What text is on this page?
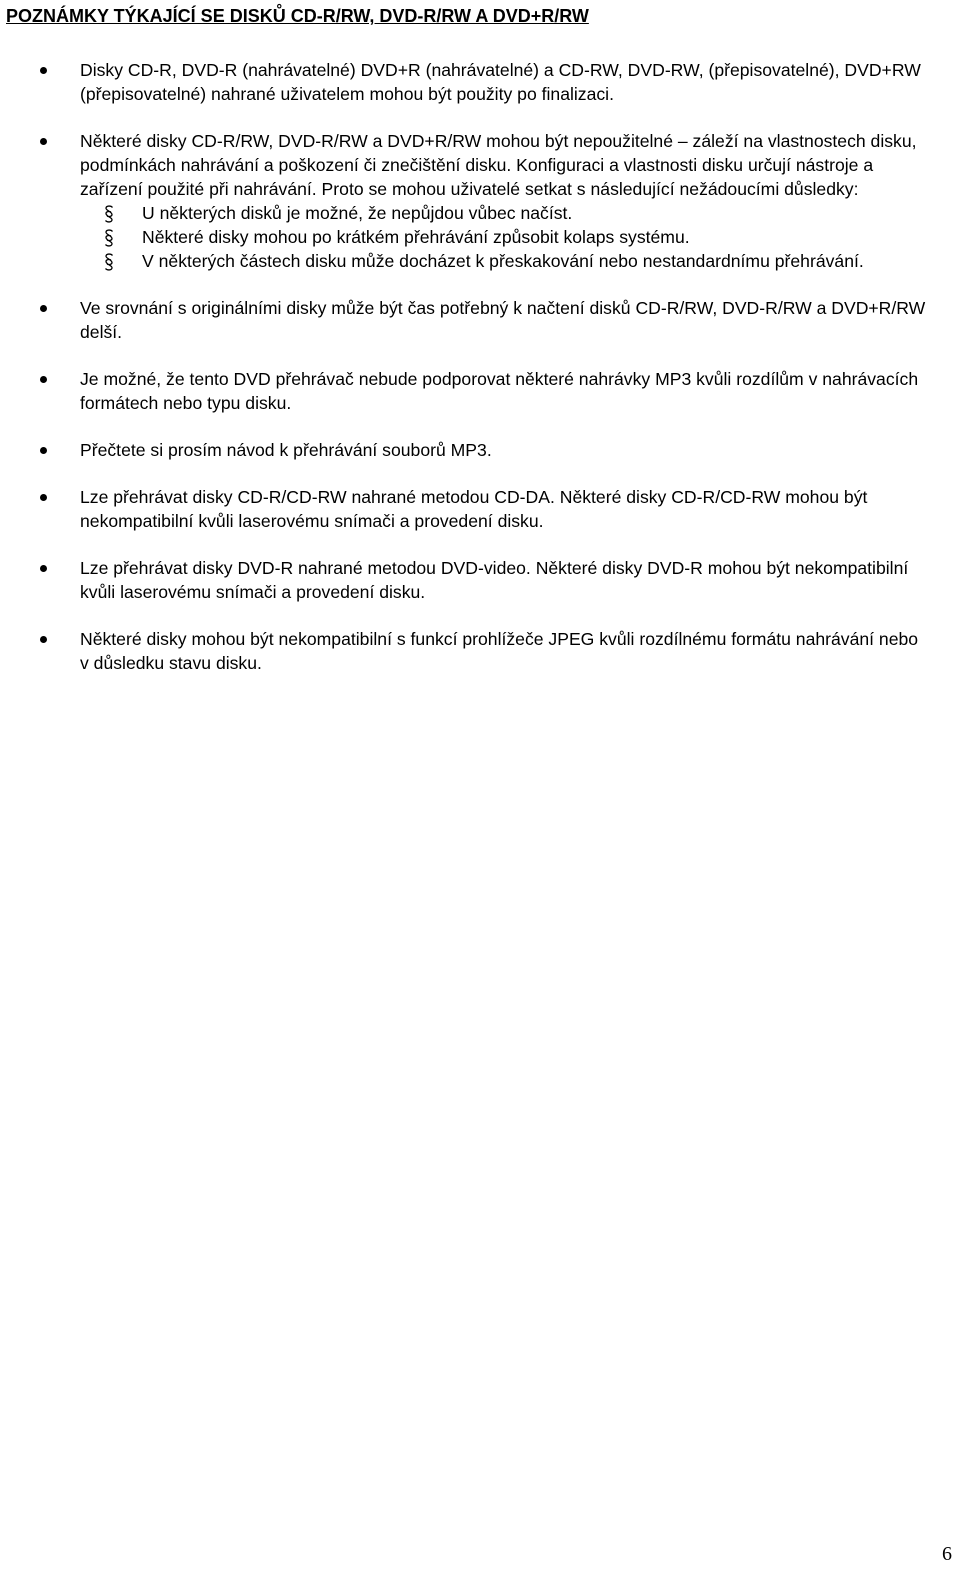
POZNÁMKY TÝKAJÍCÍ SE DISKŮ CD-R/RW, DVD-R/RW A DVD+R/RW
Disky CD-R, DVD-R (nahrávatelné) DVD+R (nahrávatelné) a CD-RW, DVD-RW, (přepisovatelné), DVD+RW (přepisovatelné) nahrané uživatelem mohou být použity po finalizaci.
Některé disky CD-R/RW, DVD-R/RW a DVD+R/RW mohou být nepoužitelné – záleží na vlastnostech disku, podmínkách nahrávání a poškození či znečištění disku. Konfiguraci a vlastnosti disku určují nástroje a zařízení použité při nahrávání. Proto se mohou uživatelé setkat s následující nežádoucími důsledky:
U některých disků je možné, že nepůjdou vůbec načíst.
Některé disky mohou po krátkém přehrávání způsobit kolaps systému.
V některých částech disku může docházet k přeskakování nebo nestandardnímu přehrávání.
Ve srovnání s originálními disky může být čas potřebný k načtení disků CD-R/RW, DVD-R/RW a DVD+R/RW delší.
Je možné, že tento DVD přehrávač nebude podporovat některé nahrávky MP3 kvůli rozdílům v nahrávacích formátech nebo typu disku.
Přečtete si prosím návod k přehrávání souborů MP3.
Lze přehrávat disky CD-R/CD-RW nahrané metodou CD-DA. Některé disky CD-R/CD-RW mohou být nekompatibilní kvůli laserovému snímači a provedení disku.
Lze přehrávat disky DVD-R nahrané metodou DVD-video. Některé disky DVD-R mohou být nekompatibilní kvůli laserovému snímači a provedení disku.
Některé disky mohou být nekompatibilní s funkcí prohlížeče JPEG kvůli rozdílnému formátu nahrávání nebo v důsledku stavu disku.
6
